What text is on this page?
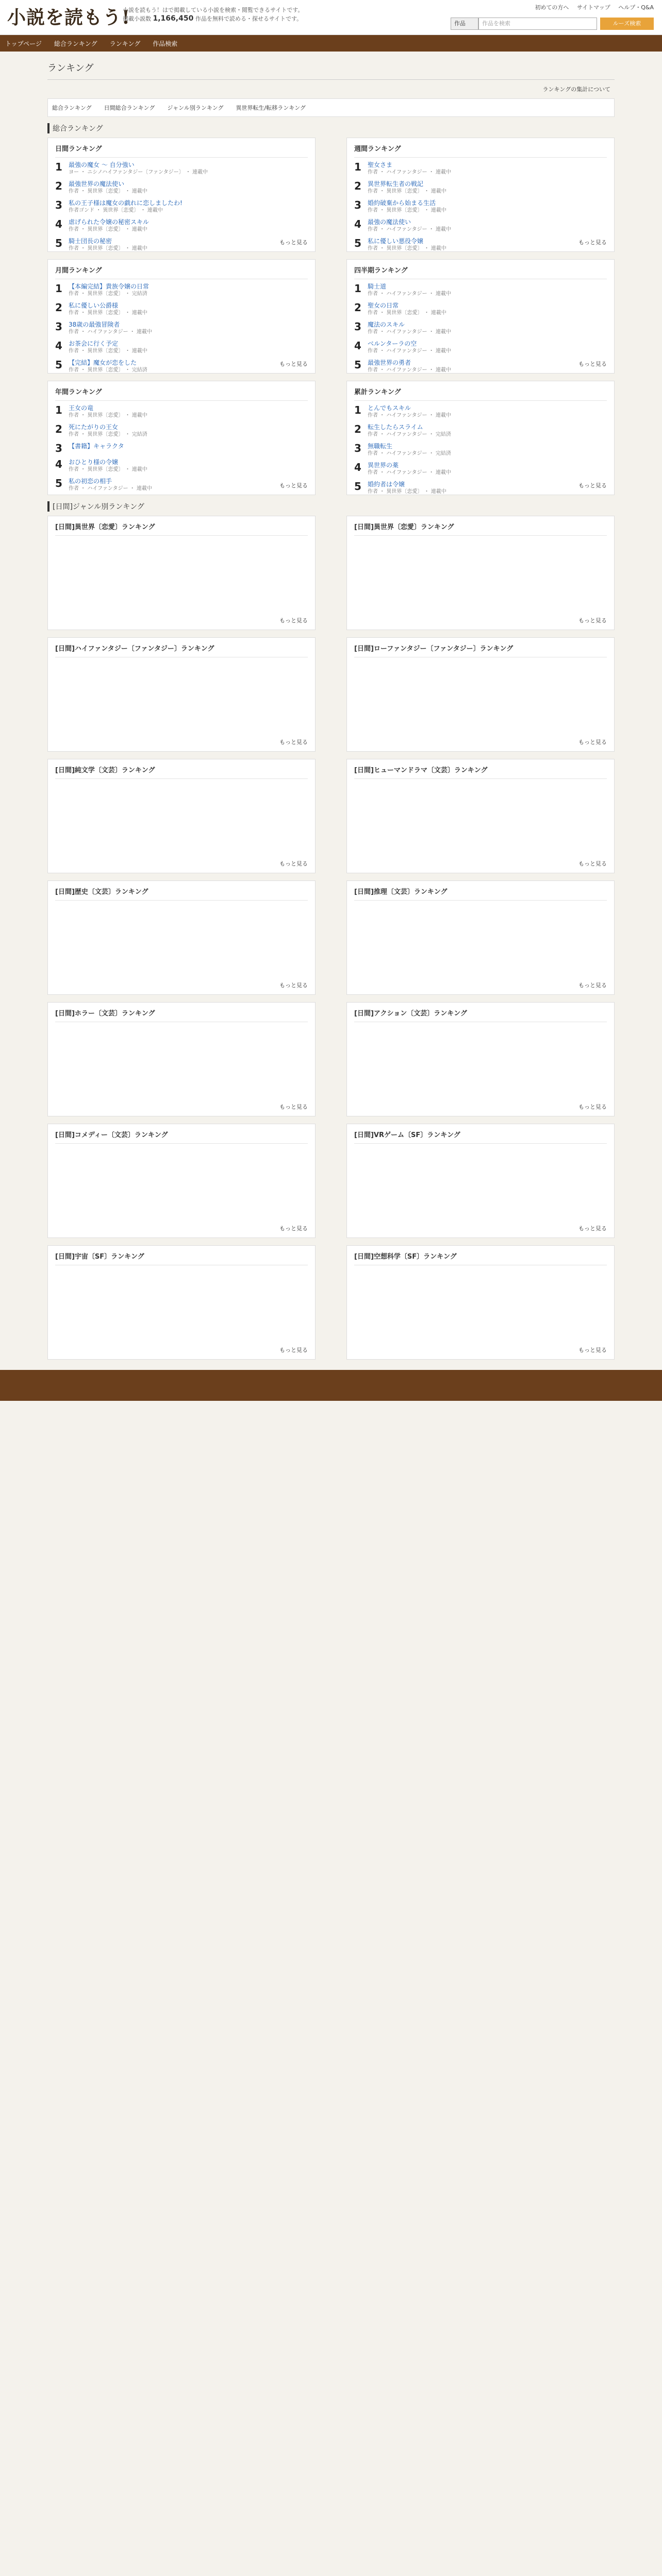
小説を読もう!
小説を読もう！はで掲載している小説を検索・閲覧できるサイトです。
掲載小説数 1,166,450 作品を無料で読める・探せるサイトです。
初めての方へ サイトマップ ヘルプ・Q&A
作品	作品を検索	ルーズ検索
トップページ 総合ランキング ランキング 作品検索
ランキング
ランキングの集計について
総合ランキング 日間総合ランキング ジャンル別ランキング 異世界転生/転移ランキング
総合ランキング
日間ランキング
1	最強の魔女 ～ 自分強い
ヨー ・ ニシノハイファンタジー〔ファンタジー〕 ・ 連載中
2	最強世界の魔法使い
作者 ・ 異世界〔恋愛〕 ・ 連載中
3	私の王子様は魔女の戯れに恋しましたわ!
作者ゴンド ・ 異世界〔恋愛〕 ・ 連載中
4	虐げられた令嬢の秘密スキル
作者 ・ 異世界〔恋愛〕 ・ 連載中
5	騎士団長の秘密
作者 ・ 異世界〔恋愛〕 ・ 連載中
もっと見る
週間ランキング
1	聖女さま
作者 ・ ハイファンタジー ・ 連載中
2	異世界転生者の戦記
作者 ・ 異世界〔恋愛〕 ・ 連載中
3	婚約破棄から始まる生活
作者 ・ 異世界〔恋愛〕 ・ 連載中
4	最強の魔法使い
作者 ・ ハイファンタジー ・ 連載中
5	私に優しい悪役令嬢
作者 ・ 異世界〔恋愛〕 ・ 連載中
もっと見る
月間ランキング
1	【本編完結】貴族令嬢の日常
作者 ・ 異世界〔恋愛〕 ・ 完結済
2	私に優しい公爵様
作者 ・ 異世界〔恋愛〕 ・ 連載中
3	38歳の最強冒険者
作者 ・ ハイファンタジー ・ 連載中
4	お茶会に行く予定
作者 ・ 異世界〔恋愛〕 ・ 連載中
5	【完結】魔女が恋をした
作者 ・ 異世界〔恋愛〕 ・ 完結済
もっと見る
四半期ランキング
1	騎士道
作者 ・ ハイファンタジー ・ 連載中
2	聖女の日常
作者 ・ 異世界〔恋愛〕 ・ 連載中
3	魔法のスキル
作者 ・ ハイファンタジー ・ 連載中
4	ベルンターラの空
作者 ・ ハイファンタジー ・ 連載中
5	最強世界の勇者
作者 ・ ハイファンタジー ・ 連載中
もっと見る
年間ランキング
1	王女の竜
作者 ・ 異世界〔恋愛〕 ・ 連載中
2	死にたがりの王女
作者 ・ 異世界〔恋愛〕 ・ 完結済
3	【書籍】キャラクタ
4	おひとり様の令嬢
作者 ・ 異世界〔恋愛〕 ・ 連載中
5	私の初恋の相手
作者 ・ ハイファンタジー ・ 連載中	もっと見る
累計ランキング
1	とんでもスキル
作者 ・ ハイファンタジー ・ 連載中
2	転生したらスライム
作者 ・ ハイファンタジー ・ 完結済
3	無職転生
作者 ・ ハイファンタジー ・ 完結済
4	異世界の薬
作者 ・ ハイファンタジー ・ 連載中
5	婚約者は令嬢
作者 ・ 異世界〔恋愛〕 ・ 連載中
もっと見る
[日間]ジャンル別ランキング
[日間]異世界〔恋愛〕ランキング
もっと見る
[日間]異世界〔恋愛〕ランキング
もっと見る
[日間]ハイファンタジー〔ファンタジー〕ランキング
もっと見る
[日間]ローファンタジー〔ファンタジー〕ランキング
もっと見る
[日間]純文学〔文芸〕ランキング
もっと見る
[日間]ヒューマンドラマ〔文芸〕ランキング
もっと見る
[日間]歴史〔文芸〕ランキング
もっと見る
[日間]推理〔文芸〕ランキング
もっと見る
[日間]ホラー〔文芸〕ランキング
もっと見る
[日間]アクション〔文芸〕ランキング
もっと見る
[日間]コメディー〔文芸〕ランキング
もっと見る
[日間]VRゲーム〔SF〕ランキング
もっと見る
[日間]宇宙〔SF〕ランキング
もっと見る
[日間]空想科学〔SF〕ランキング
もっと見る
